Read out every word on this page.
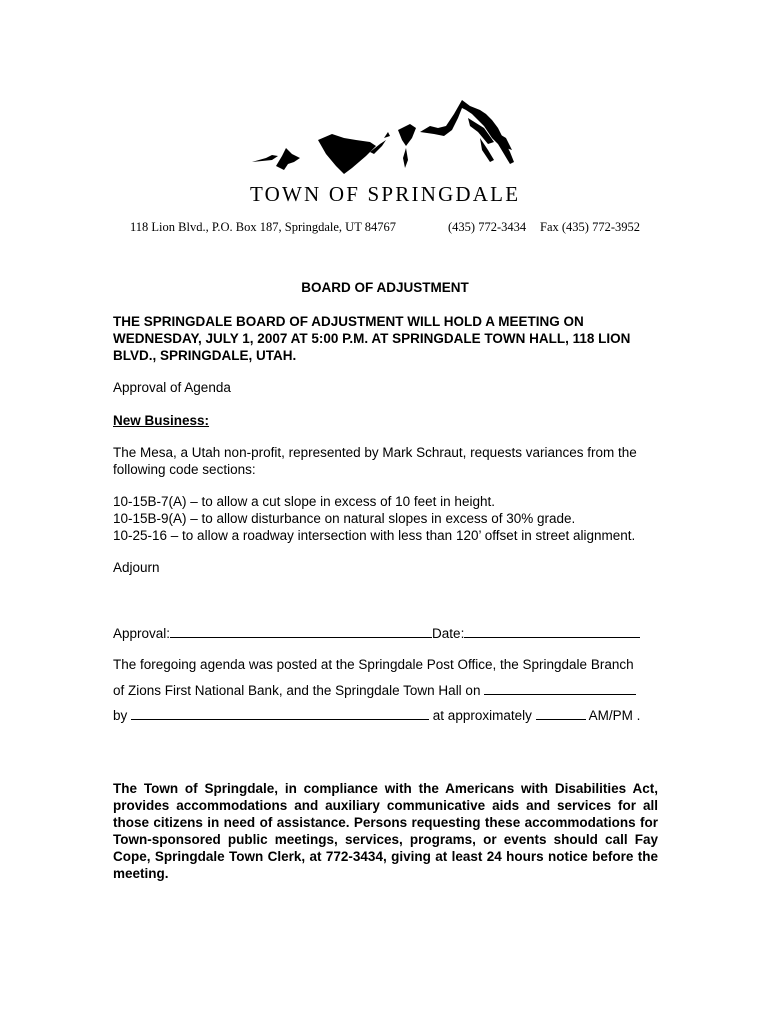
TOWN OF SPRINGDALE
118 Lion Blvd., P.O. Box 187, Springdale, UT 84767	(435) 772-3434 Fax (435) 772-3952
BOARD OF ADJUSTMENT
THE SPRINGDALE BOARD OF ADJUSTMENT WILL HOLD A MEETING ON WEDNESDAY, JULY 1, 2007 AT 5:00 P.M. AT SPRINGDALE TOWN HALL, 118 LION BLVD., SPRINGDALE, UTAH.
Approval of Agenda
New Business:
The Mesa, a Utah non-profit, represented by Mark Schraut, requests variances from the following code sections:
10-15B-7(A) – to allow a cut slope in excess of 10 feet in height.
10-15B-9(A) – to allow disturbance on natural slopes in excess of 30% grade.
10-25-16 – to allow a roadway intersection with less than 120’ offset in street alignment.
Adjourn
Approval:	Date:
The foregoing agenda was posted at the Springdale Post Office, the Springdale Branch
of Zions First National Bank, and the Springdale Town Hall on
by	at approximately	AM/PM .
The Town of Springdale, in compliance with the Americans with Disabilities Act, provides accommodations and auxiliary communicative aids and services for all those citizens in need of assistance. Persons requesting these accommodations for Town-sponsored public meetings, services, programs, or events should call Fay Cope, Springdale Town Clerk, at 772-3434, giving at least 24 hours notice before the meeting.
